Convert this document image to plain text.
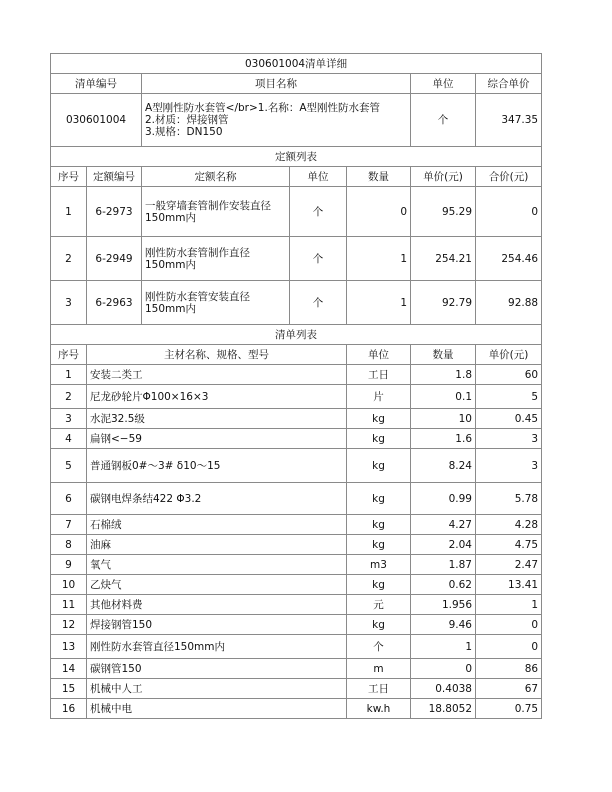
030601004清单详细							
清单编号		项目名称			单位	综合单价	
030601004		A型刚性防水套管</br>1.名称：A型刚性防水套管
2.材质：焊接钢管
3.规格：DN150			个	347.35	
定额列表							
序号	定额编号	定额名称	单位	数量	单价(元)	合价(元)	
1	6-2973	一般穿墙套管制作安装直径
150mm内	个	0	95.29	0	
2	6-2949	刚性防水套管制作直径
150mm内	个	1	254.21	254.46	
3	6-2963	刚性防水套管安装直径
150mm内	个	1	92.79	92.88	
清单列表							
序号	主材名称、规格、型号			单位	数量	单价(元)	
1	安装二类工			工日	1.8	60	
2	尼龙砂轮片Φ100×16×3			片	0.1	5	
3	水泥32.5级			kg	10	0.45	
4	扁钢<−59			kg	1.6	3	
5	普通钢板0#〜3# δ10〜15			kg	8.24	3	
6	碳钢电焊条结422 Φ3.2			kg	0.99	5.78	
7	石棉绒			kg	4.27	4.28	
8	油麻			kg	2.04	4.75	
9	氧气			m3	1.87	2.47	
10	乙炔气			kg	0.62	13.41	
11	其他材料费			元	1.956	1	
12	焊接钢管150			kg	9.46	0	
13	刚性防水套管直径150mm内			个	1	0	
14	碳钢管150			m	0	86	
15	机械中人工			工日	0.4038	67	
16	机械中电			kw.h	18.8052	0.75	
